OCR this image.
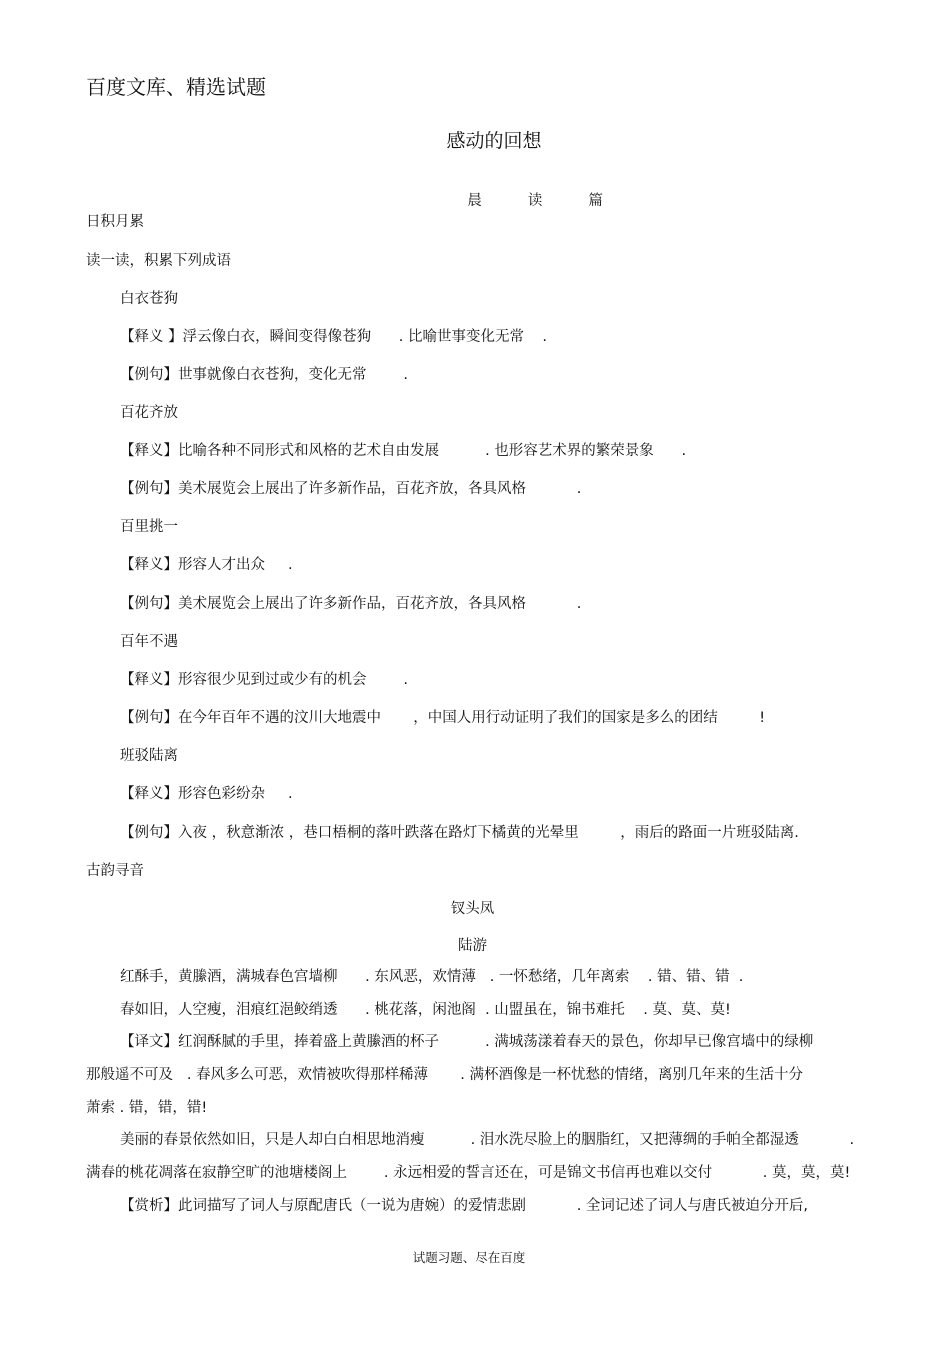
百度文库、精选试题
感动的回想

晨	读	篇

日积月累
读一读，积累下列成语
白衣苍狗
【释义 】浮云像白衣，瞬间变得像苍狗      . 比喻世事变化无常    .
【例句】世事就像白衣苍狗，变化无常        .
百花齐放
【释义】比喻各种不同形式和风格的艺术自由发展          . 也形容艺术界的繁荣景象      .
【例句】美术展览会上展出了许多新作品，百花齐放，各具风格           .
百里挑一
【释义】形容人才出众     .
【例句】美术展览会上展出了许多新作品，百花齐放，各具风格           .
百年不遇
【释义】形容很少见到过或少有的机会        .
【例句】在今年百年不遇的汶川大地震中       ，中国人用行动证明了我们的国家是多么的团结         !
班驳陆离
【释义】形容色彩纷杂     .
【例句】入夜 ，秋意渐浓 ，巷口梧桐的落叶跌落在路灯下橘黄的光晕里         ，雨后的路面一片班驳陆离.
古韵寻音
钗头凤
陆游
红酥手，黄縢酒，满城春色宫墙柳      . 东风恶，欢情薄   . 一怀愁绪，几年离索    . 错、错、错  .
春如旧，人空瘦，泪痕红浥鲛绡透      . 桃花落，闲池阁  . 山盟虽在，锦书难托    . 莫、莫、莫!
【译文】红润酥腻的手里，捧着盛上黄縢酒的杯子          . 满城荡漾着春天的景色，你却早已像宫墙中的绿柳
那般遥不可及   . 春风多么可恶，欢情被吹得那样稀薄       . 满杯酒像是一杯忧愁的情绪，离别几年来的生活十分
萧索 . 错，错，错!
美丽的春景依然如旧，只是人却白白相思地消瘦          . 泪水洗尽脸上的胭脂红，又把薄绸的手帕全都湿透           .
满春的桃花凋落在寂静空旷的池塘楼阁上        . 永远相爱的誓言还在，可是锦文书信再也难以交付           . 莫，莫，莫!
【赏析】此词描写了词人与原配唐氏（一说为唐婉）的爱情悲剧           . 全词记述了词人与唐氏被迫分开后,
试题习题、尽在百度
